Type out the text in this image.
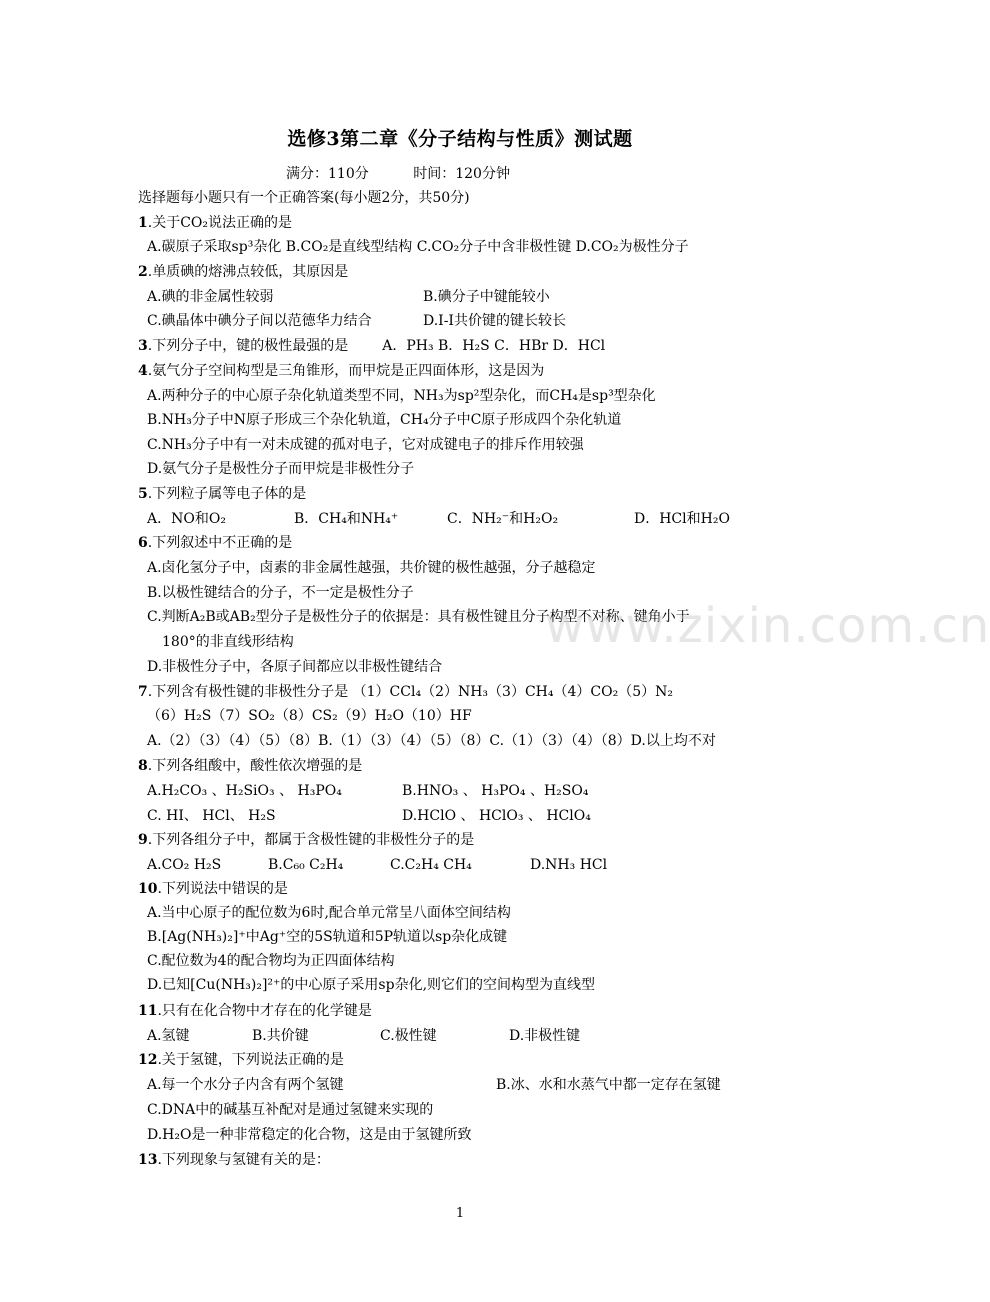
选修3第二章《分子结构与性质》测试题
满分：110分          时间：120分钟
选择题每小题只有一个正确答案(每小题2分，共50分)
1.关于CO₂说法正确的是
A.碳原子采取sp³杂化 B.CO₂是直线型结构 C.CO₂分子中含非极性键 D.CO₂为极性分子
2.单质碘的熔沸点较低，其原因是
A.碘的非金属性较弱	B.碘分子中键能较小
C.碘晶体中碘分子间以范德华力结合	D.I-I共价键的键长较长
3.下列分子中，键的极性最强的是 A．PH₃ B．H₂S C．HBr D．HCl
4.氨气分子空间构型是三角锥形，而甲烷是正四面体形，这是因为
A.两种分子的中心原子杂化轨道类型不同，NH₃为sp²型杂化，而CH₄是sp³型杂化
B.NH₃分子中N原子形成三个杂化轨道，CH₄分子中C原子形成四个杂化轨道
C.NH₃分子中有一对未成键的孤对电子，它对成键电子的排斥作用较强
D.氨气分子是极性分子而甲烷是非极性分子
5.下列粒子属等电子体的是
A．NO和O₂	B．CH₄和NH₄⁺	C．NH₂⁻和H₂O₂	D．HCl和H₂O
6.下列叙述中不正确的是
A.卤化氢分子中，卤素的非金属性越强，共价键的极性越强，分子越稳定
B.以极性键结合的分子，不一定是极性分子
C.判断A₂B或AB₂型分子是极性分子的依据是：具有极性键且分子构型不对称、键角小于
180°的非直线形结构
D.非极性分子中，各原子间都应以非极性键结合
7.下列含有极性键的非极性分子是 （1）CCl₄（2）NH₃（3）CH₄（4）CO₂（5）N₂
（6）H₂S（7）SO₂（8）CS₂（9）H₂O（10）HF
A.（2）（3）（4）（5）（8）B.（1）（3）（4）（5）（8）C.（1）（3）（4）（8）D.以上均不对
8.下列各组酸中，酸性依次增强的是
A.H₂CO₃ 、H₂SiO₃ 、 H₃PO₄	B.HNO₃ 、 H₃PO₄ 、H₂SO₄
C. HI、 HCl、 H₂S	D.HClO 、 HClO₃ 、 HClO₄
9.下列各组分子中，都属于含极性键的非极性分子的是
A.CO₂ H₂S	B.C₆₀ C₂H₄	C.C₂H₄ CH₄	D.NH₃ HCl
10.下列说法中错误的是
A.当中心原子的配位数为6时,配合单元常呈八面体空间结构
B.[Ag(NH₃)₂]⁺中Ag⁺空的5S轨道和5P轨道以sp杂化成键
C.配位数为4的配合物均为正四面体结构
D.已知[Cu(NH₃)₂]²⁺的中心原子采用sp杂化,则它们的空间构型为直线型
11.只有在化合物中才存在的化学键是
A.氢键	B.共价键	C.极性键	D.非极性键
12.关于氢键，下列说法正确的是
A.每一个水分子内含有两个氢键	B.冰、水和水蒸气中都一定存在氢键
C.DNA中的碱基互补配对是通过氢键来实现的
D.H₂O是一种非常稳定的化合物，这是由于氢键所致
13.下列现象与氢键有关的是：
www.zixin.com.cn
1
